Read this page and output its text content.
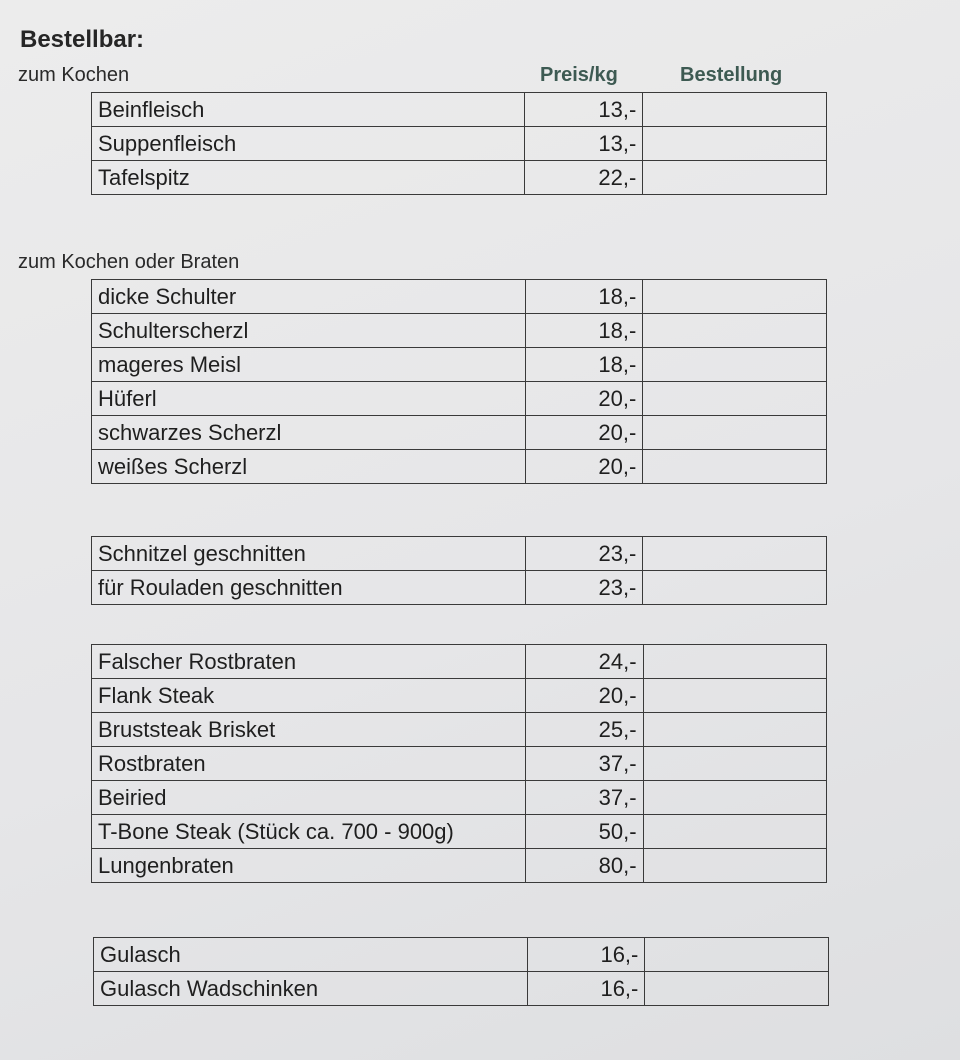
Bestellbar:
zum Kochen	Preis/kg	Bestellung
Beinfleisch	13,-	
Suppenfleisch	13,-	
Tafelspitz	22,-	
zum Kochen oder Braten
dicke Schulter	18,-	
Schulterscherzl	18,-	
mageres Meisl	18,-	
Hüferl	20,-	
schwarzes Scherzl	20,-	
weißes Scherzl	20,-	
Schnitzel geschnitten	23,-	
für Rouladen geschnitten	23,-	
Falscher Rostbraten	24,-	
Flank Steak	20,-	
Bruststeak Brisket	25,-	
Rostbraten	37,-	
Beiried	37,-	
T-Bone Steak (Stück ca. 700 - 900g)	50,-	
Lungenbraten	80,-	
Gulasch	16,-	
Gulasch Wadschinken	16,-	
